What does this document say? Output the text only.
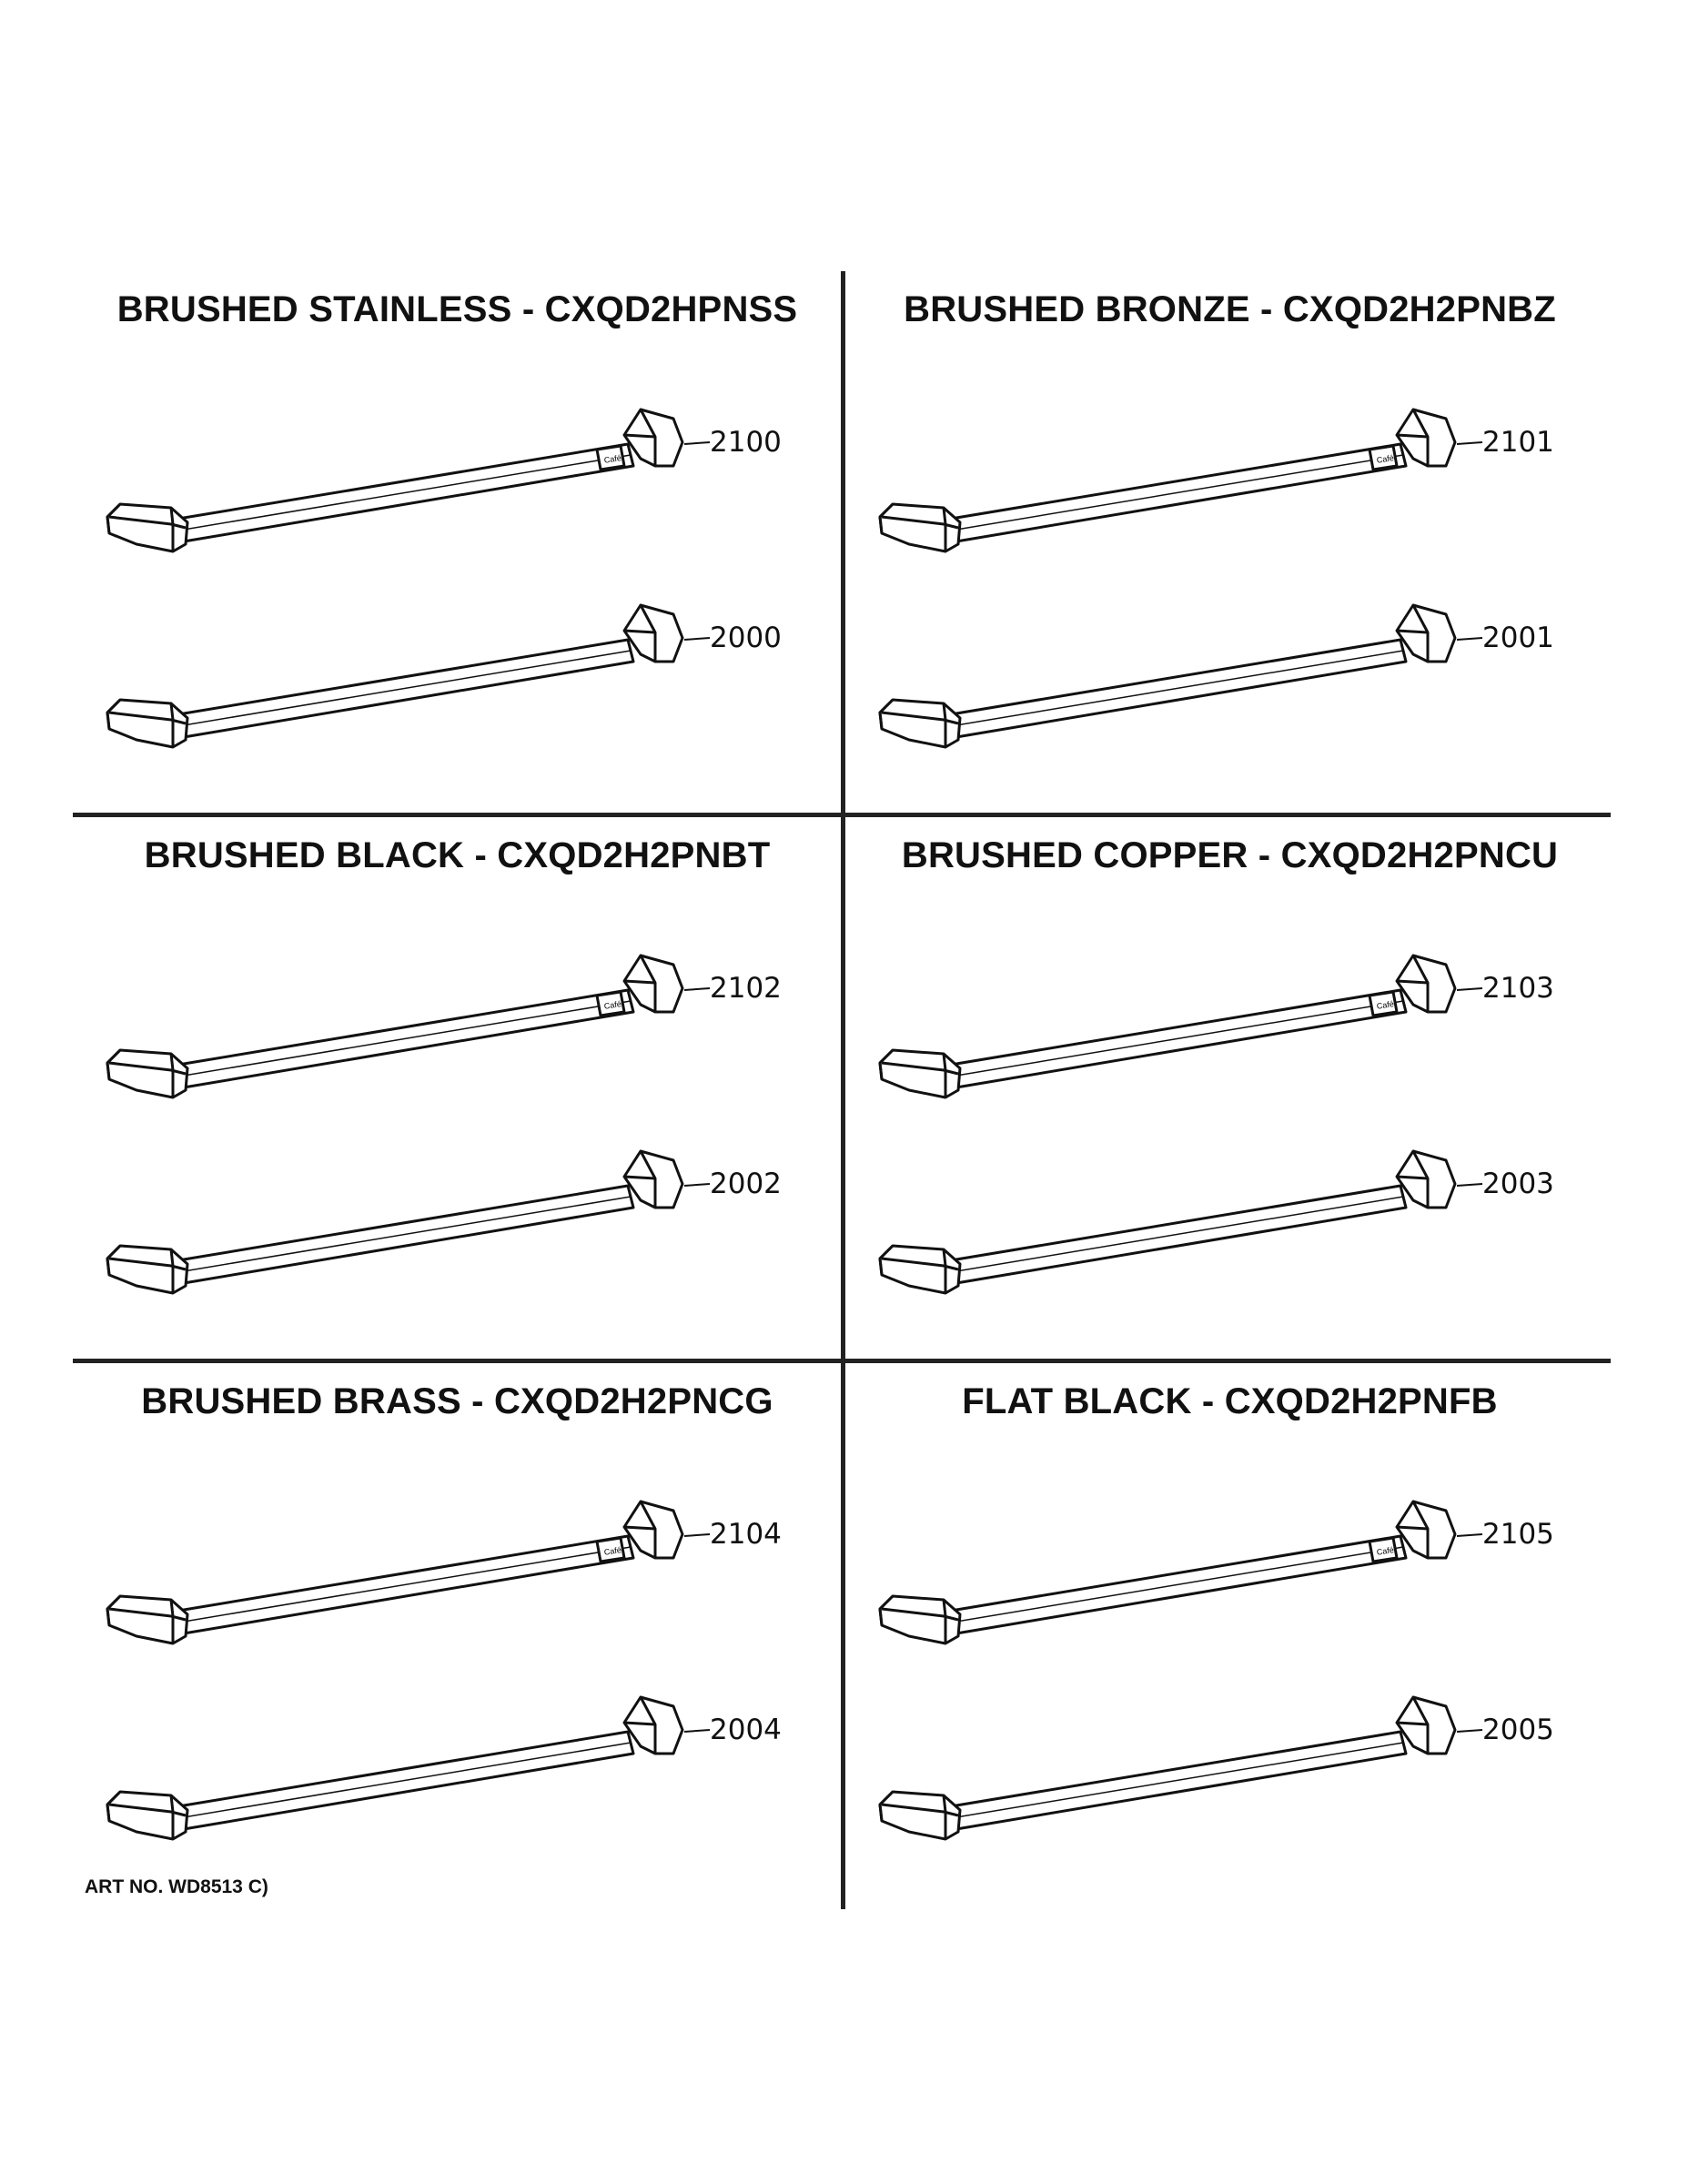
BRUSHED STAINLESS - CXQD2HPNSS
Café
2100
2000
BRUSHED BRONZE - CXQD2H2PNBZ
Café
2101
2001
BRUSHED BLACK - CXQD2H2PNBT
Café
2102
2002
BRUSHED COPPER - CXQD2H2PNCU
Café
2103
2003
BRUSHED BRASS - CXQD2H2PNCG
Café
2104
2004
FLAT BLACK - CXQD2H2PNFB
Café
2105
2005
ART NO. WD8513 C)
